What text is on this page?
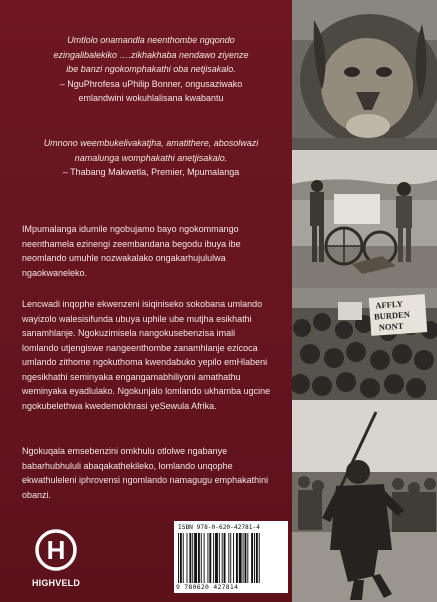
AFFLY
BURDEN
NONT
Umtlolo onamandla neenthombe ngqondo
ezingalibalekiko ….zikhakhaba nendawo ziyenze
ibe banzi ngokomphakathi oba netjisakalo.
– NguPhrofesa uPhilip Bonner, ongusaziwako
emlandwini wokuhlalisana kwabantu
Umnono weembukelivakatjha, amatithere, abosolwazi
namalunga womphakathi anetjisakalo.
– Thabang Makwetla, Premier, Mpumalanga
IMpumalanga idumile ngobujamo bayo ngokommango
neenthamela ezinengi zeembandana begodu ibuya ibe
neomlando umuhle nozwakalako ongakarhujululwa
ngaokwaneleko.
Lencwadi inqophe ekwenzeni isiqiniseko sokobana umlando
wayizolo walesisifunda ubuya uphile ube mutjha esikhathi
sanamhlanje. Ngokuzimisela nangokusebenzisa imali
lomlando utjengiswe nangeenthombe zanamhlanje ezicoca
umlando zithome ngokuthoma kwendabuko yepilo emHlabeni
ngesikhathi seminyaka engangamabhiliyoni amathathu
weminyaka eyadlulako. Ngokunjalo lomlando ukhamba ugcine
ngokubelethwa kwedemokhrasi yeSewula Afrika.
Ngokuqala emsebenzini omkhulu otlolwe ngabanye
babarhubhululi abaqakathekileko, lomlando unqophe
ekwathuleleni iphrovensi ngomlando namagugu emphakathini
obanzi.
H
HIGHVELD
ISBN 978-0-620-42781-4
9 780620 427814
